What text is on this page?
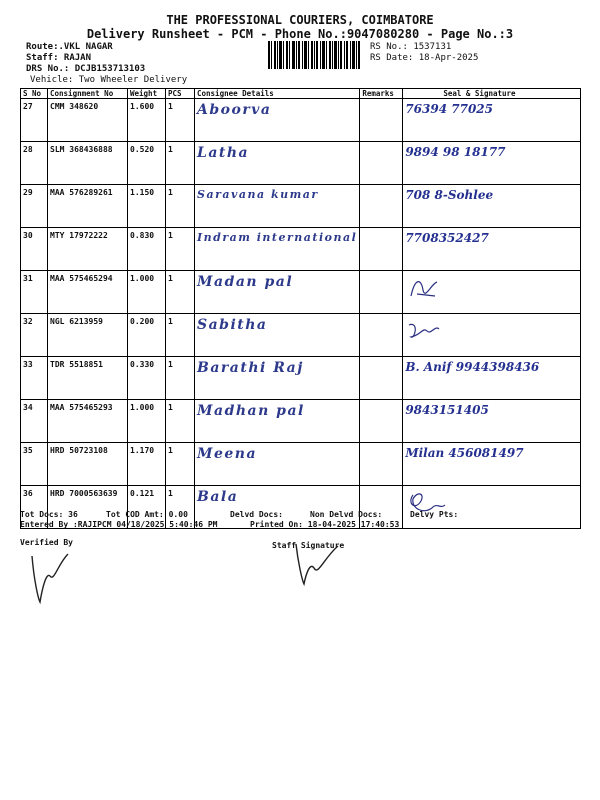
THE PROFESSIONAL COURIERS, COIMBATORE
Delivery Runsheet - PCM - Phone No.:9047080280 - Page No.:3
Route:.VKL NAGAR
Staff: RAJAN
DRS No.: DCJB153713103
Vehicle: Two Wheeler Delivery
RS No.: 1537131
RS Date: 18-Apr-2025
S No	Consignment No	Weight	PCS	Consignee Details	Remarks	Seal & Signature
27	CMM 348620	1.600	1	Aboorva		76394 77025
28	SLM 368436888	0.520	1	Latha		9894 98 18177
29	MAA 576289261	1.150	1	Saravana kumar		708 8-Sohlee
30	MTY 17972222	0.830	1	Indram international		7708352427
31	MAA 575465294	1.000	1	Madan pal		
32	NGL 6213959	0.200	1	Sabitha		
33	TDR 5518851	0.330	1	Barathi Raj		B. Anif 9944398436
34	MAA 575465293	1.000	1	Madhan pal		9843151405
35	HRD 50723108	1.170	1	Meena		Milan 456081497
36	HRD 7000563639	0.121	1	Bala		
Tot Docs: 36	Tot COD Amt: 0.00	Delvd Docs:	Non Delvd Docs:	Delvy Pts:
Entered By :RAJIPCM 04/18/2025 5:40:46 PM	Printed On: 18-04-2025 17:40:53
Verified By	Staff Signature
